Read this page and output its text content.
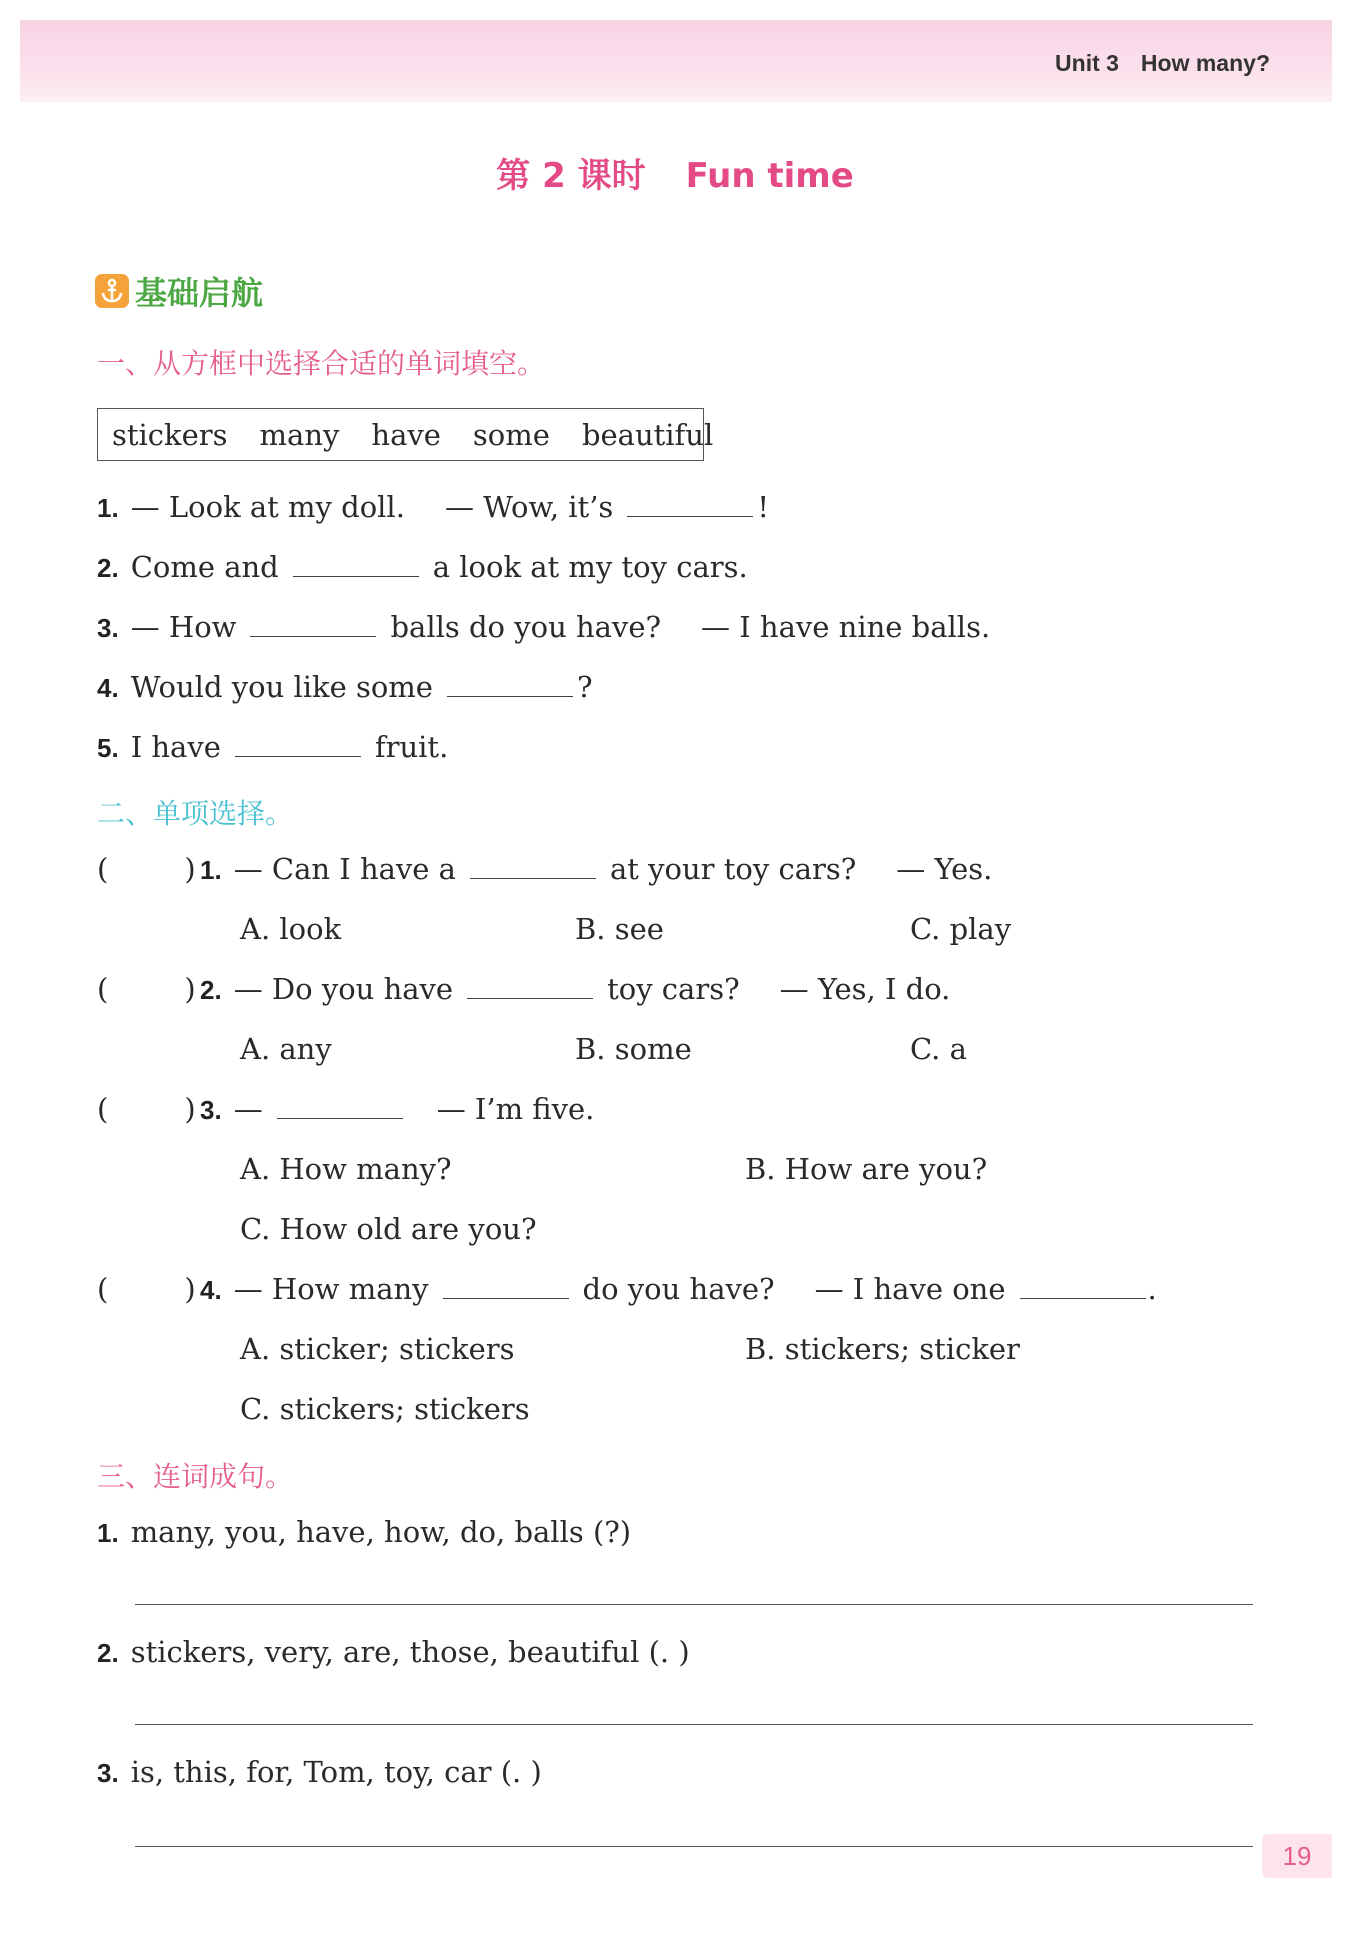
Unit 3 How many?
第 2 课时 Fun time
基础启航
一、从方框中选择合适的单词填空。
stickers many have some beautiful
1. — Look at my doll. — Wow, it’s	!
2. Come and	a look at my toy cars.
3. — How	balls do you have? — I have nine balls.
4. Would you like some	?
5. I have	fruit.
二、单项选择。
(	) 1. — Can I have a	at your toy cars? — Yes.
A. look	B. see	C. play
(	) 2. — Do you have	toy cars? — Yes, I do.
A. any	B. some	C. a
(	) 3. —	— I’m five.
A. How many?	B. How are you?
C. How old are you?
(	) 4. — How many	do you have? — I have one	.
A. sticker; stickers	B. stickers; sticker
C. stickers; stickers
三、连词成句。
1. many, you, have, how, do, balls (?)
2. stickers, very, are, those, beautiful (. )
3. is, this, for, Tom, toy, car (. )
19
